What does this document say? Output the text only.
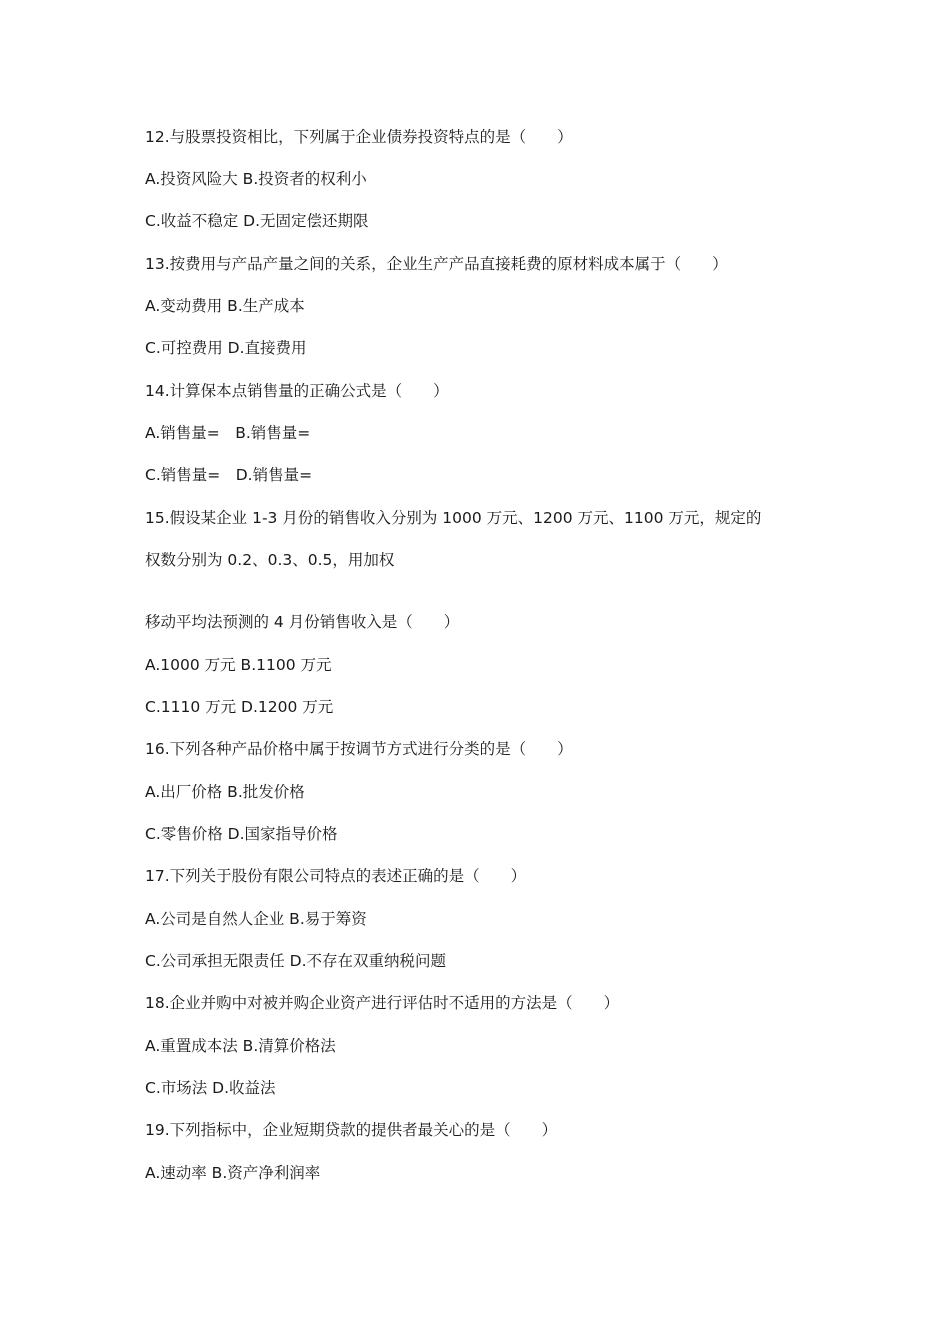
12.与股票投资相比，下列属于企业债券投资特点的是（　　）
A.投资风险大 B.投资者的权利小
C.收益不稳定 D.无固定偿还期限
13.按费用与产品产量之间的关系，企业生产产品直接耗费的原材料成本属于（　　）
A.变动费用 B.生产成本
C.可控费用 D.直接费用
14.计算保本点销售量的正确公式是（　　）
A.销售量=　B.销售量=
C.销售量=　D.销售量=
15.假设某企业 1-3 月份的销售收入分别为 1000 万元、1200 万元、1100 万元，规定的
权数分别为 0.2、0.3、0.5，用加权
移动平均法预测的 4 月份销售收入是（　　）
A.1000 万元 B.1100 万元
C.1110 万元 D.1200 万元
16.下列各种产品价格中属于按调节方式进行分类的是（　　）
A.出厂价格 B.批发价格
C.零售价格 D.国家指导价格
17.下列关于股份有限公司特点的表述正确的是（　　）
A.公司是自然人企业 B.易于筹资
C.公司承担无限责任 D.不存在双重纳税问题
18.企业并购中对被并购企业资产进行评估时不适用的方法是（　　）
A.重置成本法 B.清算价格法
C.市场法 D.收益法
19.下列指标中，企业短期贷款的提供者最关心的是（　　）
A.速动率 B.资产净利润率
